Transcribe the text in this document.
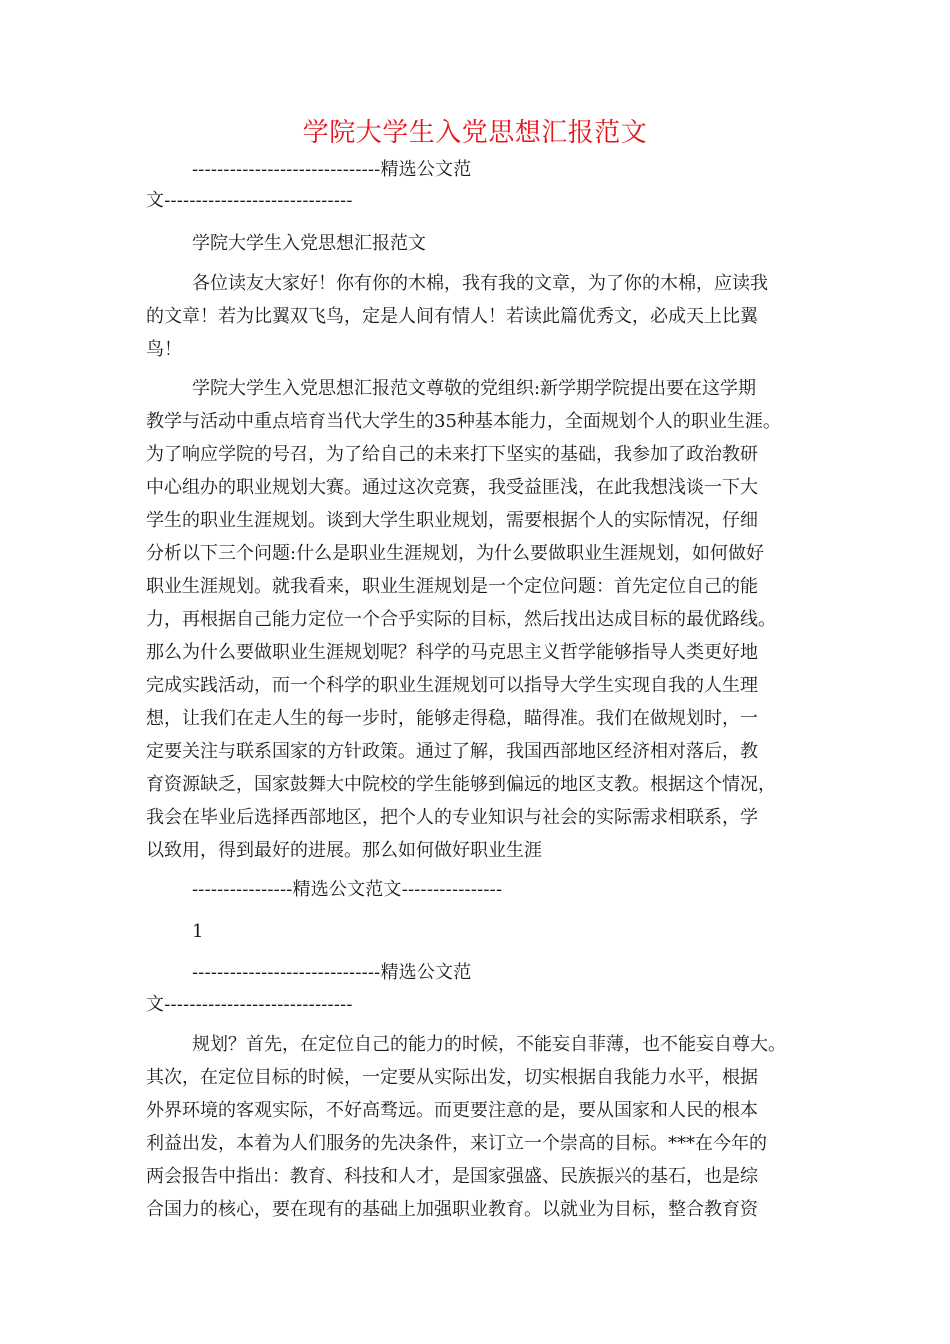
学院大学生入党思想汇报范文
------------------------------精选公文范
文------------------------------
学院大学生入党思想汇报范文
各位读友大家好！你有你的木棉，我有我的文章，为了你的木棉，应读我
的文章！若为比翼双飞鸟，定是人间有情人！若读此篇优秀文，必成天上比翼
鸟！
学院大学生入党思想汇报范文尊敬的党组织:新学期学院提出要在这学期
教学与活动中重点培育当代大学生的35种基本能力，全面规划个人的职业生涯。
为了响应学院的号召，为了给自己的未来打下坚实的基础，我参加了政治教研
中心组办的职业规划大赛。通过这次竞赛，我受益匪浅，在此我想浅谈一下大
学生的职业生涯规划。谈到大学生职业规划，需要根据个人的实际情况，仔细
分析以下三个问题:什么是职业生涯规划，为什么要做职业生涯规划，如何做好
职业生涯规划。就我看来，职业生涯规划是一个定位问题：首先定位自己的能
力，再根据自己能力定位一个合乎实际的目标，然后找出达成目标的最优路线。
那么为什么要做职业生涯规划呢？科学的马克思主义哲学能够指导人类更好地
完成实践活动，而一个科学的职业生涯规划可以指导大学生实现自我的人生理
想，让我们在走人生的每一步时，能够走得稳，瞄得准。我们在做规划时，一
定要关注与联系国家的方针政策。通过了解，我国西部地区经济相对落后，教
育资源缺乏，国家鼓舞大中院校的学生能够到偏远的地区支教。根据这个情况，
我会在毕业后选择西部地区，把个人的专业知识与社会的实际需求相联系，学
以致用，得到最好的进展。那么如何做好职业生涯
----------------精选公文范文----------------
1
------------------------------精选公文范
文------------------------------
规划？首先，在定位自己的能力的时候，不能妄自菲薄，也不能妄自尊大。
其次，在定位目标的时候，一定要从实际出发，切实根据自我能力水平，根据
外界环境的客观实际，不好高骛远。而更要注意的是，要从国家和人民的根本
利益出发，本着为人们服务的先决条件，来订立一个崇高的目标。***在今年的
两会报告中指出：教育、科技和人才，是国家强盛、民族振兴的基石，也是综
合国力的核心，要在现有的基础上加强职业教育。以就业为目标，整合教育资
